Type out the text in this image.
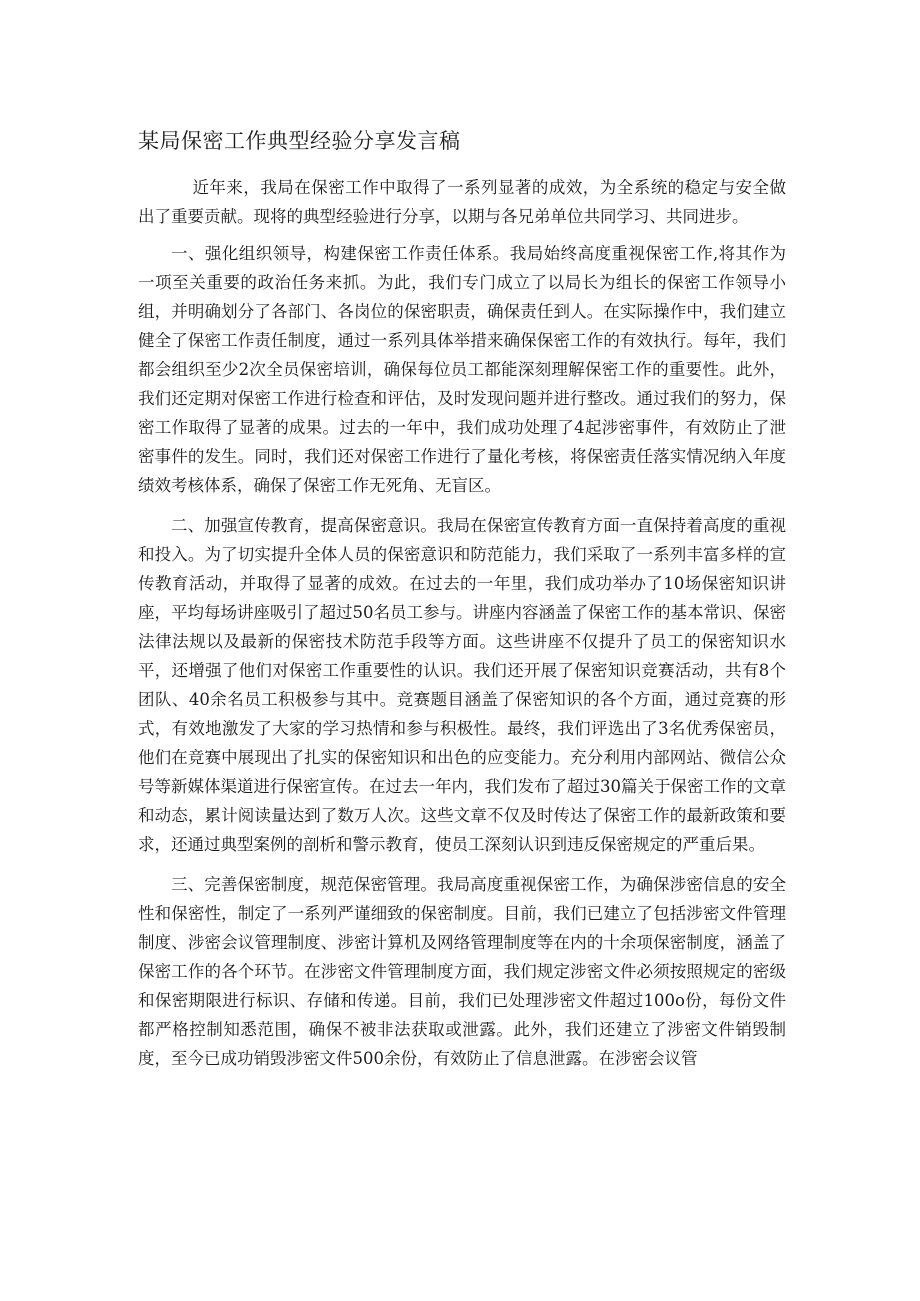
某局保密工作典型经验分享发言稿

近年来，我局在保密工作中取得了一系列显著的成效，为全系统的稳定与安全做出了重要贡献。现将的典型经验进行分享，以期与各兄弟单位共同学习、共同进步。

一、强化组织领导，构建保密工作责任体系。我局始终高度重视保密工作,将其作为一项至关重要的政治任务来抓。为此，我们专门成立了以局长为组长的保密工作领导小组，并明确划分了各部门、各岗位的保密职责，确保责任到人。在实际操作中，我们建立健全了保密工作责任制度，通过一系列具体举措来确保保密工作的有效执行。每年，我们都会组织至少2次全员保密培训，确保每位员工都能深刻理解保密工作的重要性。此外，我们还定期对保密工作进行检查和评估，及时发现问题并进行整改。通过我们的努力，保密工作取得了显著的成果。过去的一年中，我们成功处理了4起涉密事件，有效防止了泄密事件的发生。同时，我们还对保密工作进行了量化考核，将保密责任落实情况纳入年度绩效考核体系，确保了保密工作无死角、无盲区。

二、加强宣传教育，提高保密意识。我局在保密宣传教育方面一直保持着高度的重视和投入。为了切实提升全体人员的保密意识和防范能力，我们采取了一系列丰富多样的宣传教育活动，并取得了显著的成效。在过去的一年里，我们成功举办了10场保密知识讲座，平均每场讲座吸引了超过50名员工参与。讲座内容涵盖了保密工作的基本常识、保密法律法规以及最新的保密技术防范手段等方面。这些讲座不仅提升了员工的保密知识水平，还增强了他们对保密工作重要性的认识。我们还开展了保密知识竞赛活动，共有8个团队、40余名员工积极参与其中。竞赛题目涵盖了保密知识的各个方面，通过竞赛的形式，有效地激发了大家的学习热情和参与积极性。最终，我们评选出了3名优秀保密员，他们在竞赛中展现出了扎实的保密知识和出色的应变能力。充分利用内部网站、微信公众号等新媒体渠道进行保密宣传。在过去一年内，我们发布了超过30篇关于保密工作的文章和动态，累计阅读量达到了数万人次。这些文章不仅及时传达了保密工作的最新政策和要求，还通过典型案例的剖析和警示教育，使员工深刻认识到违反保密规定的严重后果。

三、完善保密制度，规范保密管理。我局高度重视保密工作，为确保涉密信息的安全性和保密性，制定了一系列严谨细致的保密制度。目前，我们已建立了包括涉密文件管理制度、涉密会议管理制度、涉密计算机及网络管理制度等在内的十余项保密制度，涵盖了保密工作的各个环节。在涉密文件管理制度方面，我们规定涉密文件必须按照规定的密级和保密期限进行标识、存储和传递。目前，我们已处理涉密文件超过100o份，每份文件都严格控制知悉范围，确保不被非法获取或泄露。此外，我们还建立了涉密文件销毁制度，至今已成功销毁涉密文件500余份，有效防止了信息泄露。在涉密会议管
